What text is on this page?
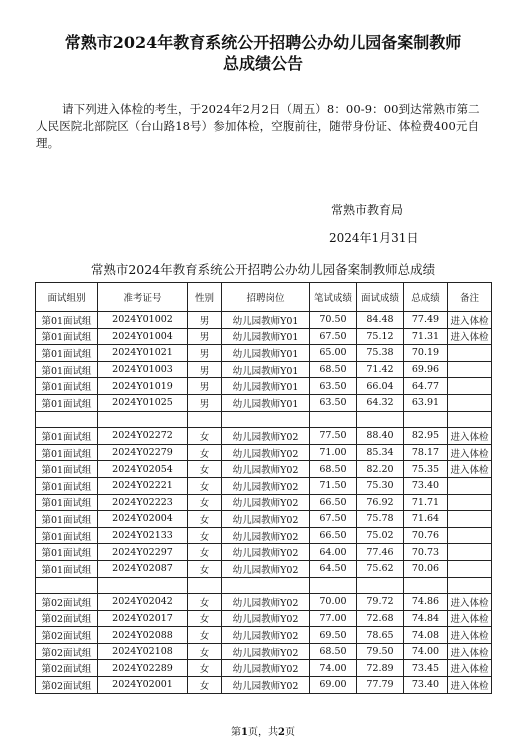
常熟市2024年教育系统公开招聘公办幼儿园备案制教师
总成绩公告

请下列进入体检的考生，于2024年2月2日（周五）8：00-9：00到达常熟市第二人民医院北部院区（台山路18号）参加体检，空腹前往，随带身份证、体检费400元自理。

常熟市教育局
2024年1月31日
常熟市2024年教育系统公开招聘公办幼儿园备案制教师总成绩
面试组别	准考证号	性别	招聘岗位	笔试成绩	面试成绩	总成绩	备注
第01面试组	2024Y01002	男	幼儿园教师Y01	70.50	84.48	77.49	进入体检
第01面试组	2024Y01004	男	幼儿园教师Y01	67.50	75.12	71.31	进入体检
第01面试组	2024Y01021	男	幼儿园教师Y01	65.00	75.38	70.19	
第01面试组	2024Y01003	男	幼儿园教师Y01	68.50	71.42	69.96	
第01面试组	2024Y01019	男	幼儿园教师Y01	63.50	66.04	64.77	
第01面试组	2024Y01025	男	幼儿园教师Y01	63.50	64.32	63.91	

第01面试组	2024Y02272	女	幼儿园教师Y02	77.50	88.40	82.95	进入体检
第01面试组	2024Y02279	女	幼儿园教师Y02	71.00	85.34	78.17	进入体检
第01面试组	2024Y02054	女	幼儿园教师Y02	68.50	82.20	75.35	进入体检
第01面试组	2024Y02221	女	幼儿园教师Y02	71.50	75.30	73.40	
第01面试组	2024Y02223	女	幼儿园教师Y02	66.50	76.92	71.71	
第01面试组	2024Y02004	女	幼儿园教师Y02	67.50	75.78	71.64	
第01面试组	2024Y02133	女	幼儿园教师Y02	66.50	75.02	70.76	
第01面试组	2024Y02297	女	幼儿园教师Y02	64.00	77.46	70.73	
第01面试组	2024Y02087	女	幼儿园教师Y02	64.50	75.62	70.06	

第02面试组	2024Y02042	女	幼儿园教师Y02	70.00	79.72	74.86	进入体检
第02面试组	2024Y02017	女	幼儿园教师Y02	77.00	72.68	74.84	进入体检
第02面试组	2024Y02088	女	幼儿园教师Y02	69.50	78.65	74.08	进入体检
第02面试组	2024Y02108	女	幼儿园教师Y02	68.50	79.50	74.00	进入体检
第02面试组	2024Y02289	女	幼儿园教师Y02	74.00	72.89	73.45	进入体检
第02面试组	2024Y02001	女	幼儿园教师Y02	69.00	77.79	73.40	进入体检
第1页，共2页
